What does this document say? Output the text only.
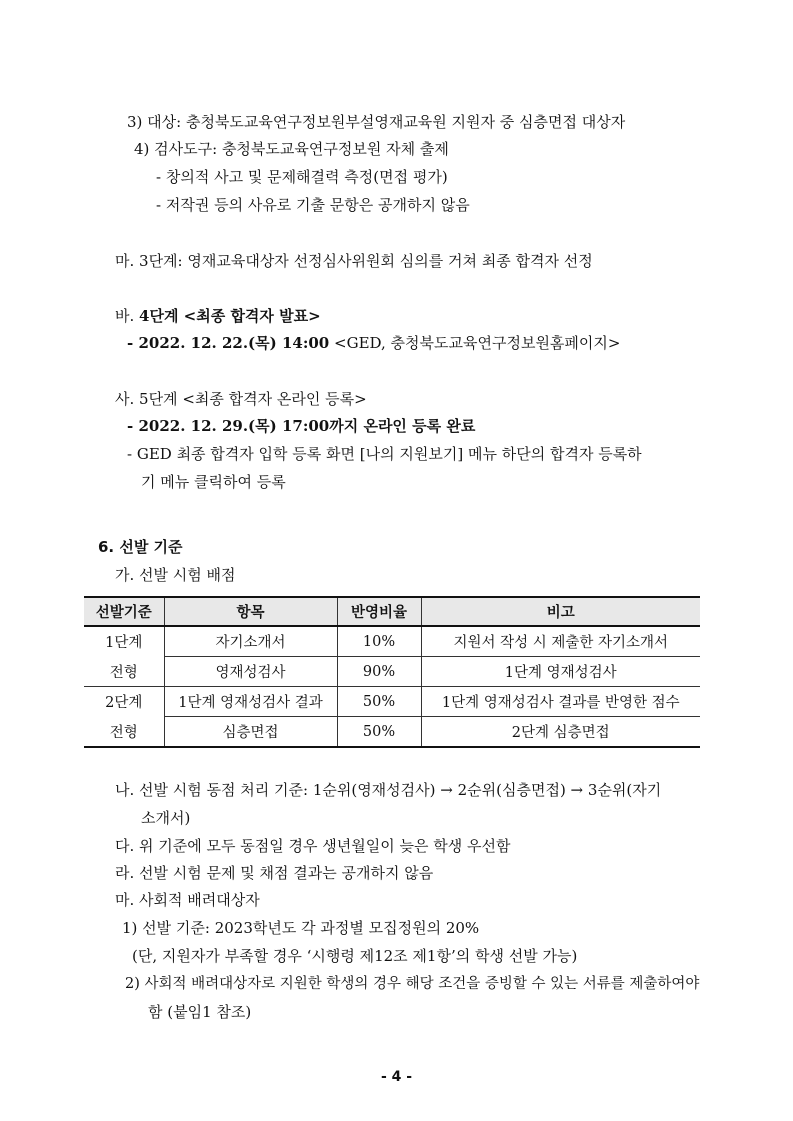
3) 대상: 충청북도교육연구정보원부설영재교육원 지원자 중 심층면접 대상자
4) 검사도구: 충청북도교육연구정보원 자체 출제
- 창의적 사고 및 문제해결력 측정(면접 평가)
- 저작권 등의 사유로 기출 문항은 공개하지 않음
마. 3단계: 영재교육대상자 선정심사위원회 심의를 거쳐 최종 합격자 선정
바. 4단계 <최종 합격자 발표>
- 2022. 12. 22.(목) 14:00 <GED, 충청북도교육연구정보원홈페이지>
사. 5단계 <최종 합격자 온라인 등록>
- 2022. 12. 29.(목) 17:00까지 온라인 등록 완료
- GED 최종 합격자 입학 등록 화면 [나의 지원보기] 메뉴 하단의 합격자 등록하
기 메뉴 클릭하여 등록
6. 선발 기준
가. 선발 시험 배점
선발기준	항목	반영비율	비고
1단계	자기소개서	10%	지원서 작성 시 제출한 자기소개서
전형	영재성검사	90%	1단계 영재성검사
2단계	1단계 영재성검사 결과	50%	1단계 영재성검사 결과를 반영한 점수
전형	심층면접	50%	2단계 심층면접
나. 선발 시험 동점 처리 기준: 1순위(영재성검사) → 2순위(심층면접) → 3순위(자기
소개서)
다. 위 기준에 모두 동점일 경우 생년월일이 늦은 학생 우선함
라. 선발 시험 문제 및 채점 결과는 공개하지 않음
마. 사회적 배려대상자
1) 선발 기준: 2023학년도 각 과정별 모집정원의 20%
(단, 지원자가 부족할 경우 ‘시행령 제12조 제1항’의 학생 선발 가능)
2) 사회적 배려대상자로 지원한 학생의 경우 해당 조건을 증빙할 수 있는 서류를 제출하여야
함 (붙임1 참조)
- 4 -
